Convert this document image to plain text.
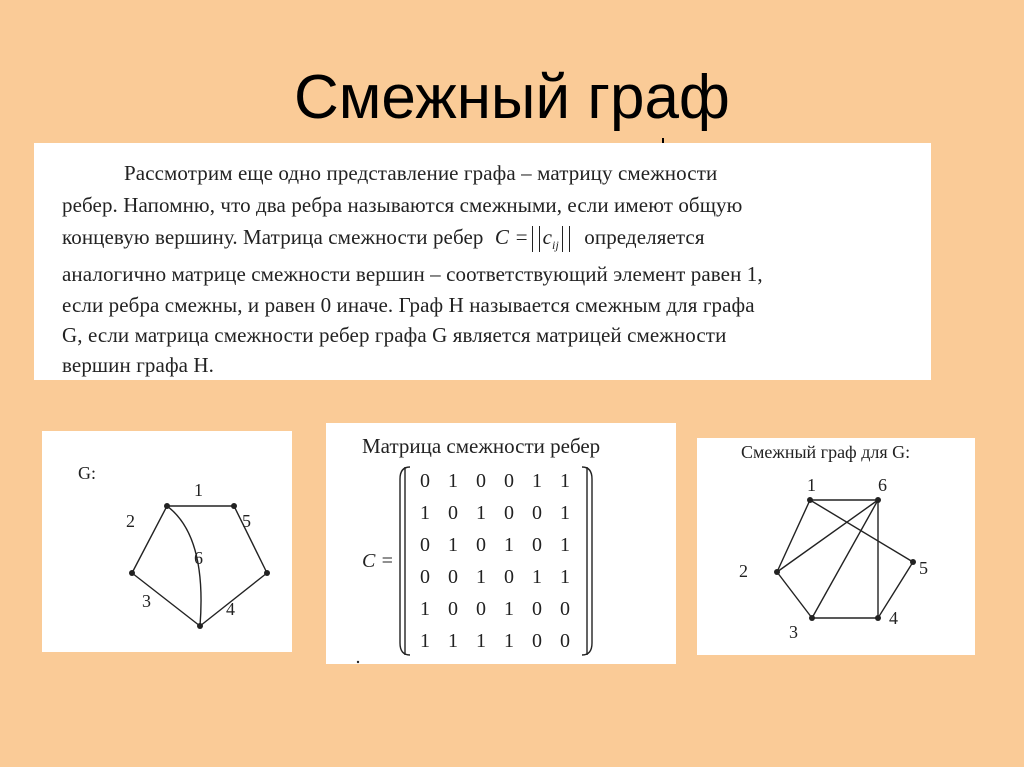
Смежный граф
Рассмотрим еще одно представление графа – матрицу смежности
ребер. Напомню, что два ребра называются смежными, если имеют общую
концевую вершину. Матрица смежности ребер $C = c_{ij}$ определяется
аналогично матрице смежности вершин – соответствующий элемент равен 1,
если ребра смежны, и равен 0 иначе. Граф H называется смежным для графа
G, если матрица смежности ребер графа G является матрицей смежности
вершин графа H.
G:
1
2
3	4
5
6
Матрица смежности ребер
C =
0 1 0 0 1 1
1 0 1 0 0 1
0 1 0 1 0 1
0 0 1 0 1 1
1 0 0 1 0 0
1 1 1 1 0 0
Смежный граф для G:
1
2
3
4
5
6
